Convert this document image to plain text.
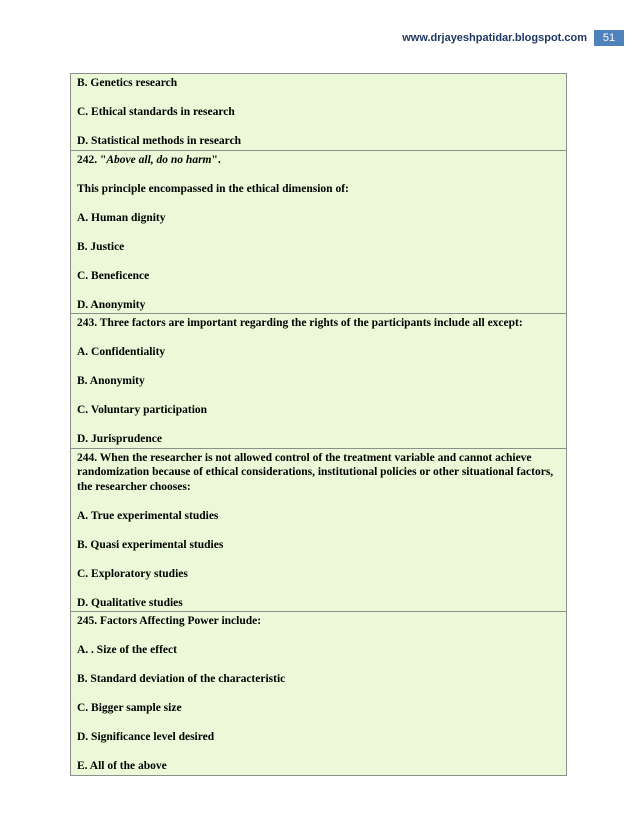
www.drjayeshpatidar.blogspot.com	51
B. Genetics research
C. Ethical standards in research
D. Statistical methods in research

242. "Above all, do no harm".
This principle encompassed in the ethical dimension of:
A. Human dignity
B. Justice
C. Beneficence
D. Anonymity

243. Three factors are important regarding the rights of the participants include all except:
A. Confidentiality
B. Anonymity
C. Voluntary participation
D. Jurisprudence

244. When the researcher is not allowed control of the treatment variable and cannot achieve randomization because of ethical considerations, institutional policies or other situational factors, the researcher chooses:
A. True experimental studies
B. Quasi experimental studies
C. Exploratory studies
D. Qualitative studies

245. Factors Affecting Power include:
A. . Size of the effect
B. Standard deviation of the characteristic
C. Bigger sample size
D. Significance level desired
E. All of the above
